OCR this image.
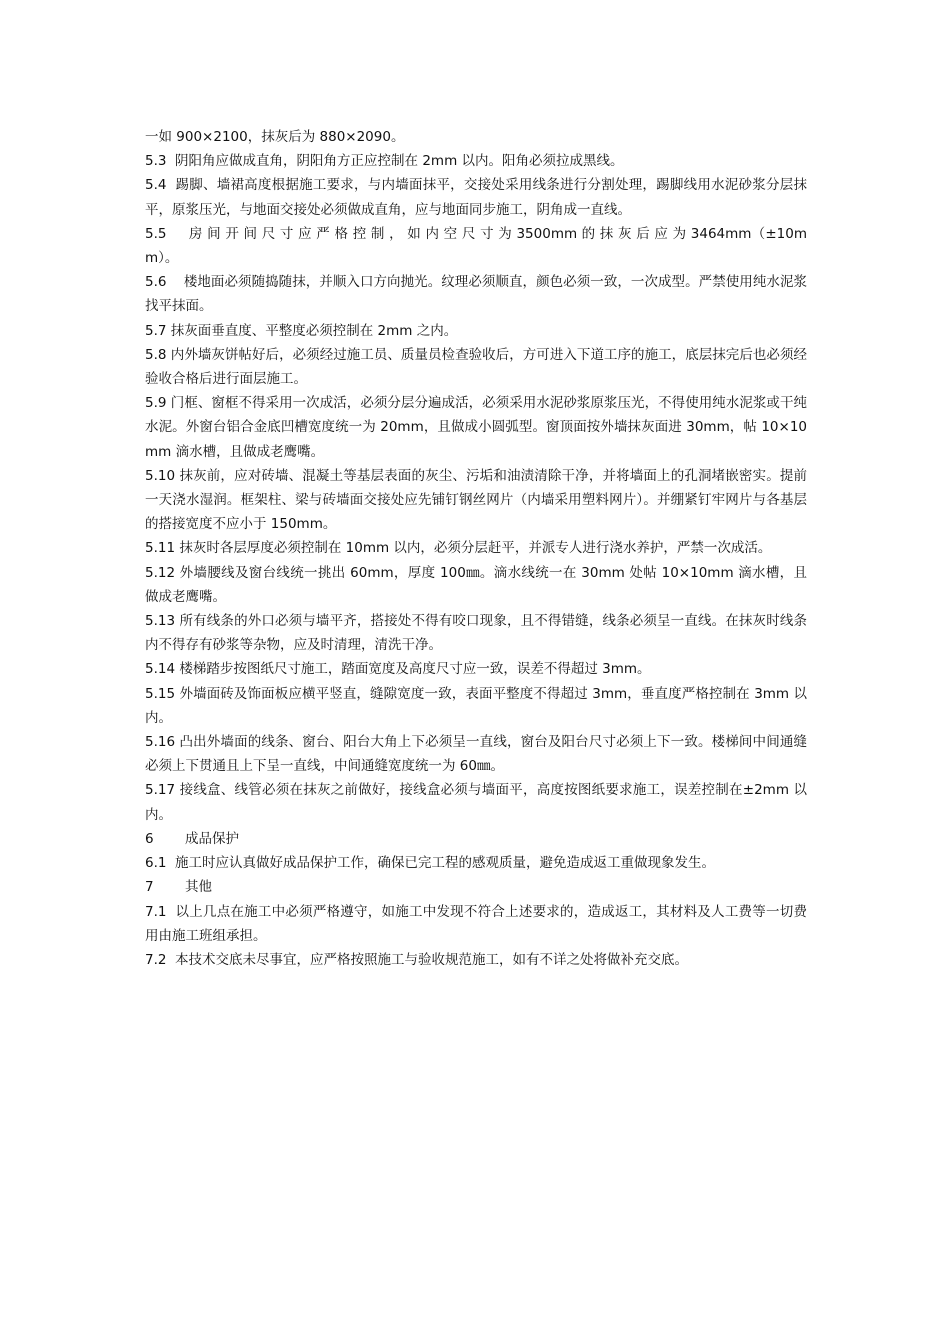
一如 900×2100，抹灰后为 880×2090。

5.3  阴阳角应做成直角，阴阳角方正应控制在 2mm 以内。阳角必须拉成黑线。

5.4  踢脚、墙裙高度根据施工要求，与内墙面抹平，交接处采用线条进行分割处理，踢脚线用水泥砂浆分层抹平，原浆压光，与地面交接处必须做成直角，应与地面同步施工，阴角成一直线。

5.5     房 间 开 间 尺 寸 应 严 格 控 制 ， 如 内 空 尺 寸 为 3500mm 的 抹 灰 后 应 为 3464mm（±10mm）。

5.6    楼地面必须随捣随抹，并顺入口方向抛光。纹理必须顺直，颜色必须一致，一次成型。严禁使用纯水泥浆找平抹面。

5.7 抹灰面垂直度、平整度必须控制在 2mm 之内。

5.8 内外墙灰饼帖好后，必须经过施工员、质量员检查验收后，方可进入下道工序的施工，底层抹完后也必须经验收合格后进行面层施工。

5.9 门框、窗框不得采用一次成活，必须分层分遍成活，必须采用水泥砂浆原浆压光，不得使用纯水泥浆或干纯水泥。外窗台铝合金底凹槽宽度统一为 20mm，且做成小圆弧型。窗顶面按外墙抹灰面进 30mm，帖 10×10mm 滴水槽，且做成老鹰嘴。

5.10 抹灰前，应对砖墙、混凝土等基层表面的灰尘、污垢和油渍清除干净，并将墙面上的孔洞堵嵌密实。提前一天浇水湿润。框架柱、梁与砖墙面交接处应先铺钉钢丝网片（内墙采用塑料网片）。并绷紧钉牢网片与各基层的搭接宽度不应小于 150mm。

5.11 抹灰时各层厚度必须控制在 10mm 以内，必须分层赶平，并派专人进行浇水养护，严禁一次成活。

5.12 外墙腰线及窗台线统一挑出 60mm，厚度 100㎜。滴水线统一在 30mm 处帖 10×10mm 滴水槽，且做成老鹰嘴。

5.13 所有线条的外口必须与墙平齐，搭接处不得有咬口现象，且不得错缝，线条必须呈一直线。在抹灰时线条内不得存有砂浆等杂物，应及时清理，清洗干净。

5.14 楼梯踏步按图纸尺寸施工，踏面宽度及高度尺寸应一致，误差不得超过 3mm。

5.15 外墙面砖及饰面板应横平竖直，缝隙宽度一致，表面平整度不得超过 3mm，垂直度严格控制在 3mm 以内。

5.16 凸出外墙面的线条、窗台、阳台大角上下必须呈一直线，窗台及阳台尺寸必须上下一致。楼梯间中间通缝必须上下贯通且上下呈一直线，中间通缝宽度统一为 60㎜。

5.17 接线盒、线管必须在抹灰之前做好，接线盒必须与墙面平，高度按图纸要求施工，误差控制在±2mm 以内。

6 成品保护

6.1  施工时应认真做好成品保护工作，确保已完工程的感观质量，避免造成返工重做现象发生。

7 其他

7.1  以上几点在施工中必须严格遵守，如施工中发现不符合上述要求的，造成返工，其材料及人工费等一切费用由施工班组承担。

7.2  本技术交底未尽事宜，应严格按照施工与验收规范施工，如有不详之处将做补充交底。
